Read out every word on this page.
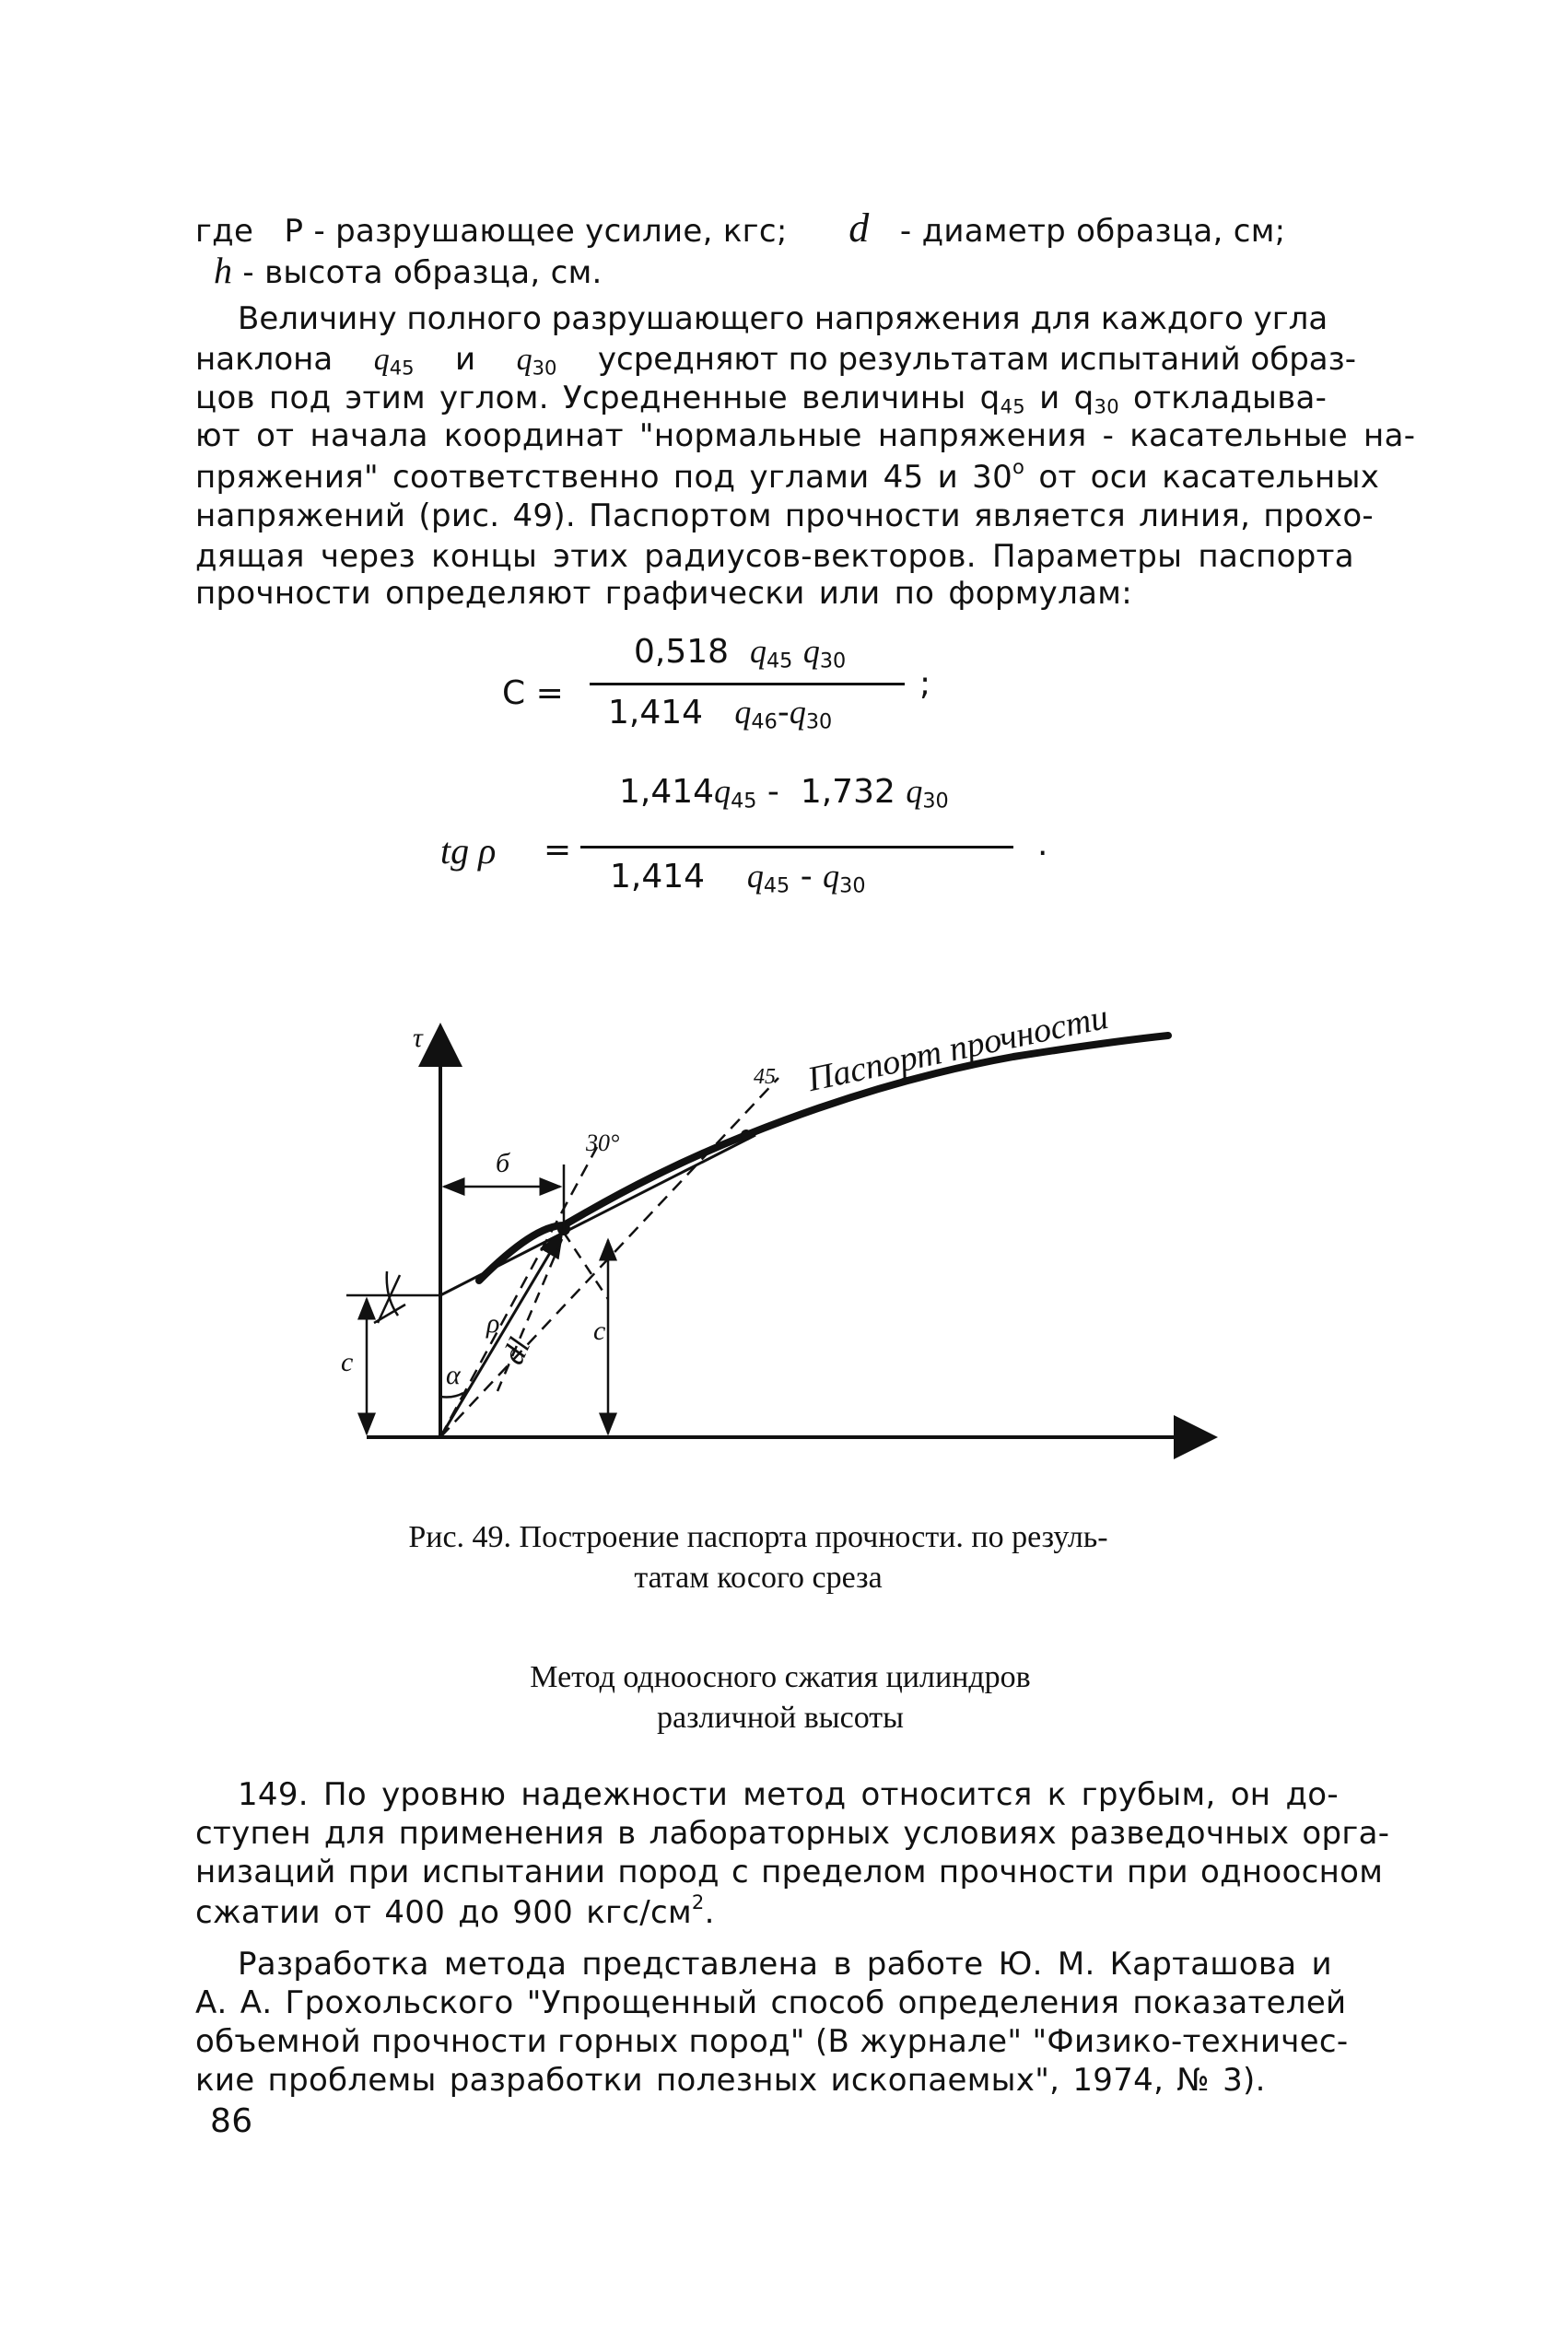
где P - разрушающее усилие, кгс; d - диаметр образца, см;
h - высота образца, см.
Величину полного разрушающего напряжения для каждого угла
наклона $q_{45}$ и $q_{30}$ усредняют по результатам испытаний образ-
цов под этим углом. Усредненные величины $q_{45}$ и $q_{30}$ откладыва-
ют от начала координат "нормальные напряжения - касательные на-
пряжения" соответственно под углами 45 и $30^о$ от оси касательных
напряжений (рис. 49). Паспортом прочности является линия, прохо-
дящая через концы этих радиусов-векторов. Параметры паспорта
прочности определяют графически или по формулам:
C =
0,518 $q_{45}$ $q_{30}$
1,414 $q_{46}-q_{30}$
;
tg ρ =
$1,414q_{45} - 1,732$ $q_{30}$
1,414 $q_{45} - q_{30}$
.
τ	Паспорт прочности
45
30°
б
с
с
ρ
dl
α
Рис. 49. Построение паспорта прочности. по резуль-
татам косого среза
Метод одноосного сжатия цилиндров
различной высоты
149. По уровню надежности метод относится к грубым, он до-
ступен для применения в лабораторных условиях разведочных орга-
низаций при испытании пород с пределом прочности при одноосном
сжатии от 400 до 900 кгс/$см^2$.
Разработка метода представлена в работе Ю. М. Карташова и
А. А. Грохольского "Упрощенный способ определения показателей
объемной прочности горных пород" (В журнале" "Физико-техничес-
кие проблемы разработки полезных ископаемых", 1974, № 3).
86
